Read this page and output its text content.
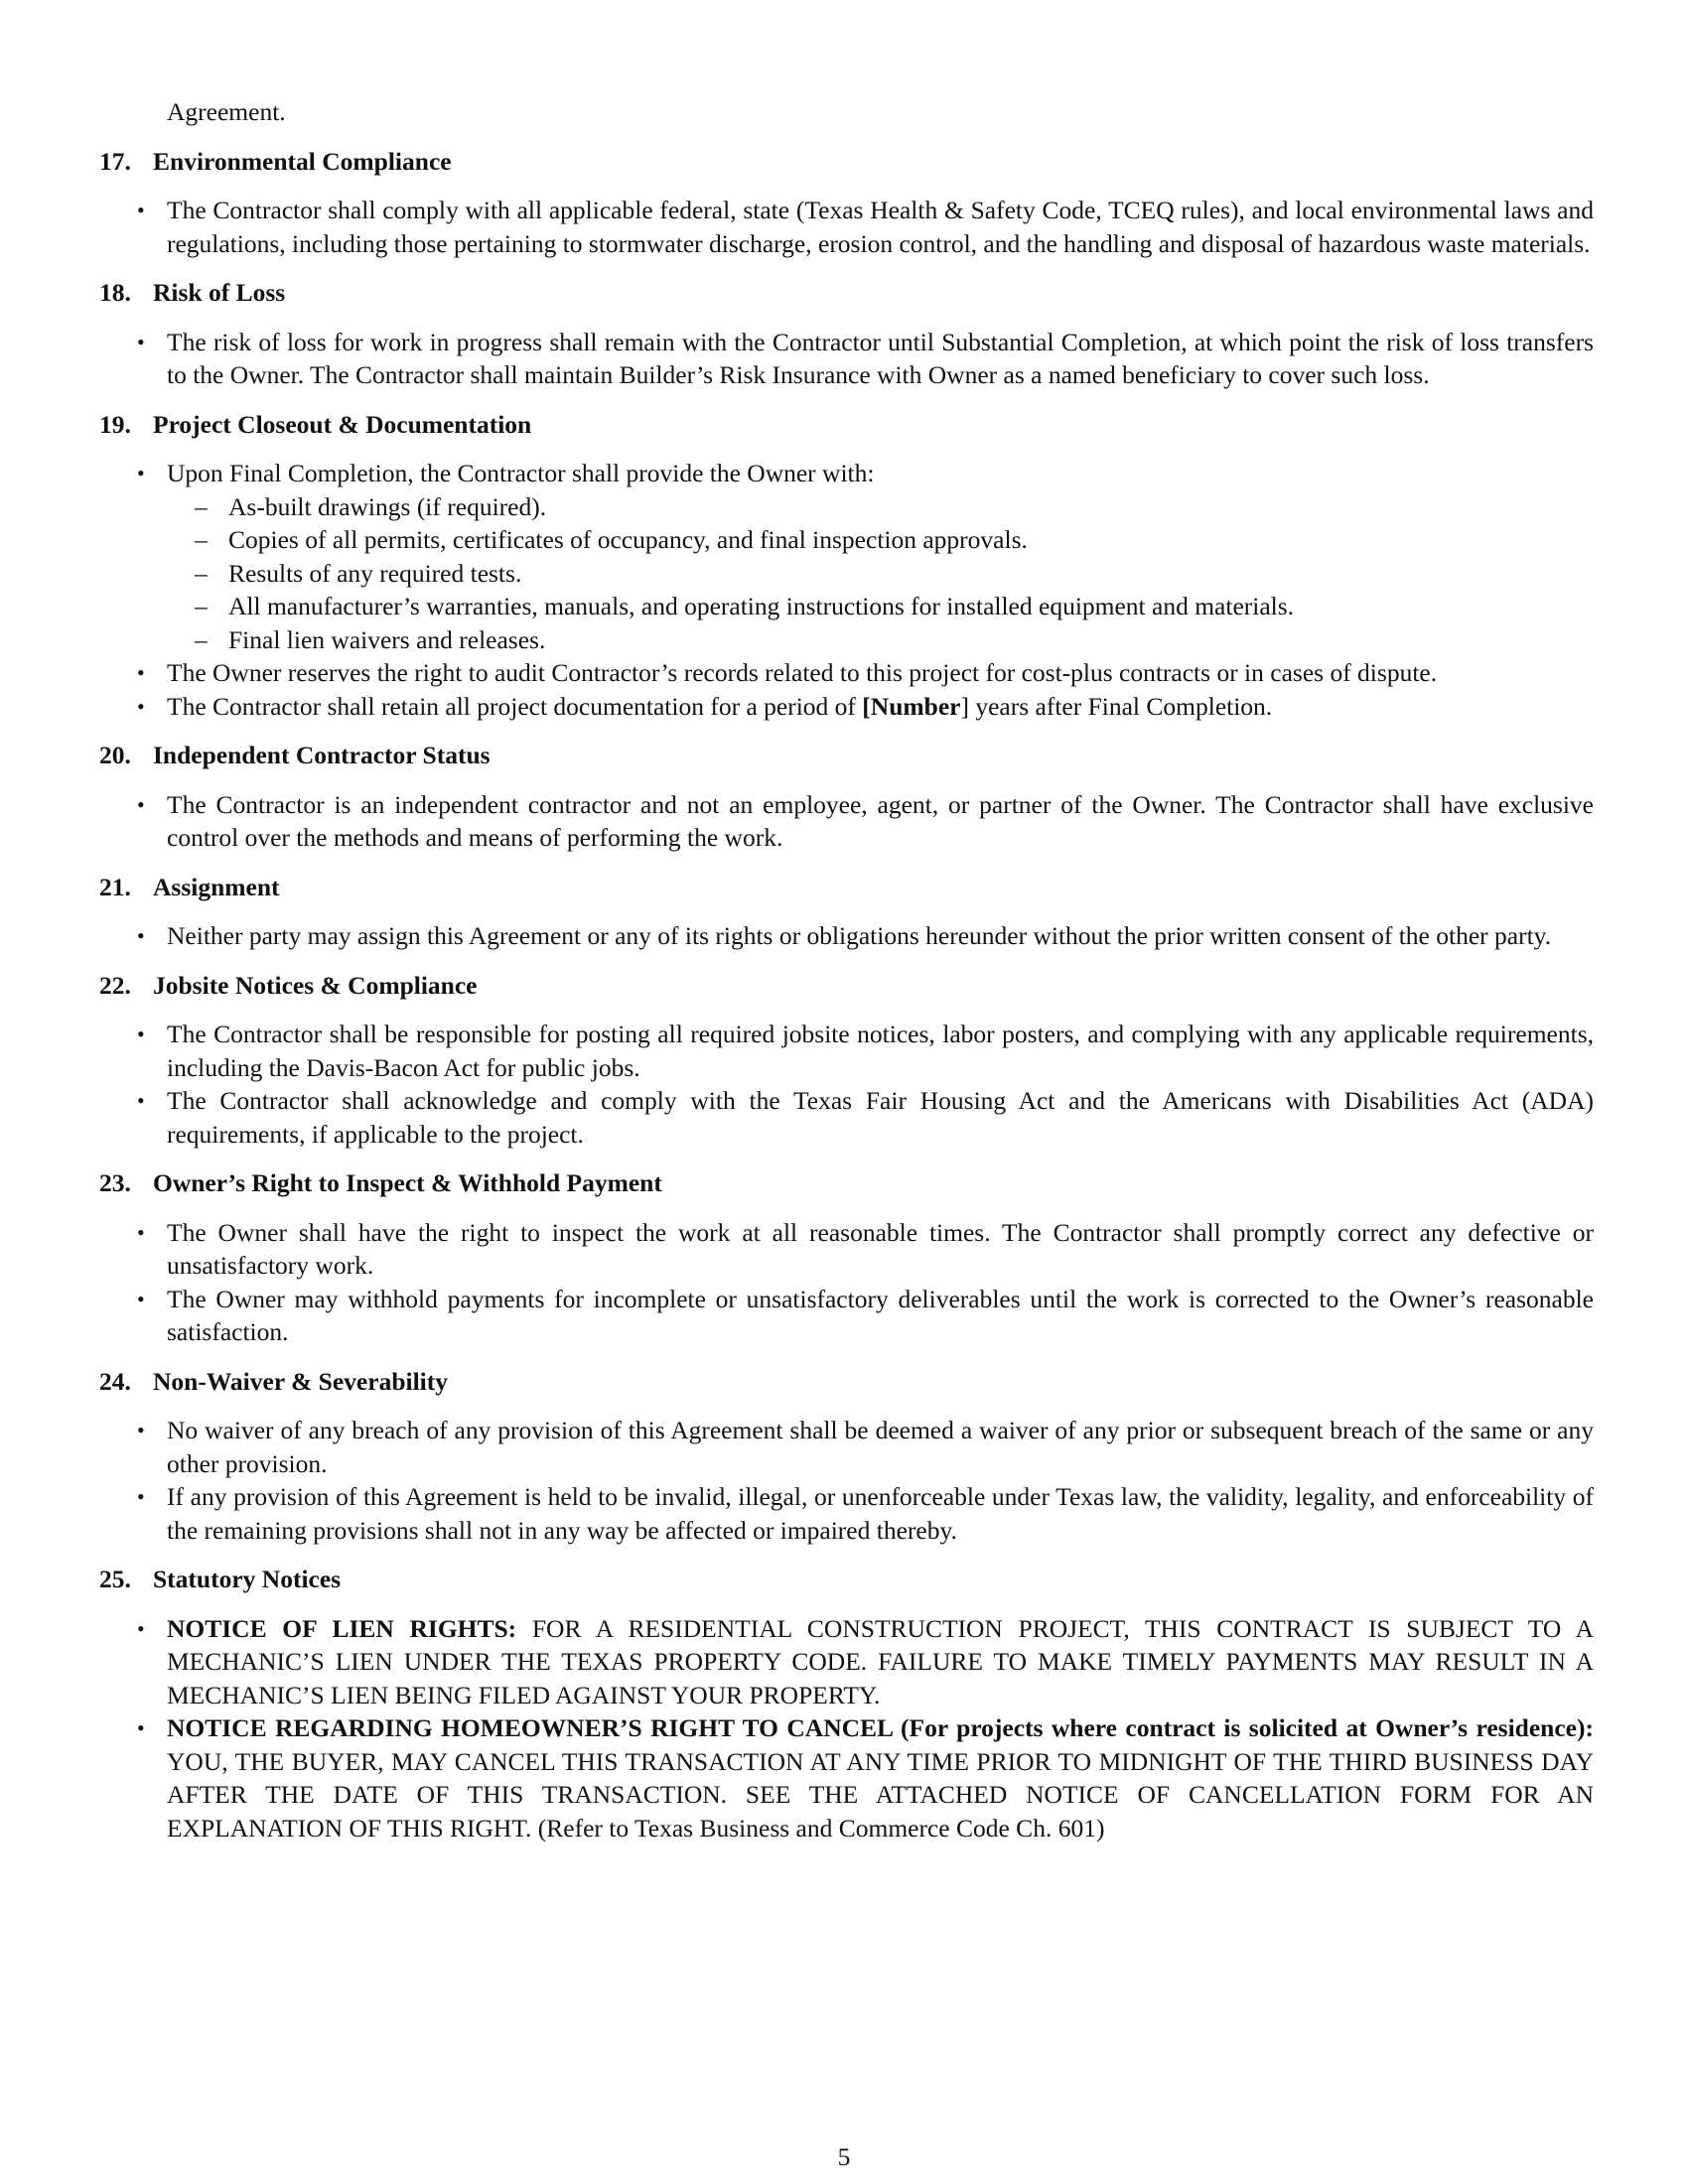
Agreement.
17. Environmental Compliance
• The Contractor shall comply with all applicable federal, state (Texas Health & Safety Code, TCEQ rules), and local environmental laws and regulations, including those pertaining to stormwater discharge, erosion control, and the handling and disposal of hazardous waste materials.
18. Risk of Loss
• The risk of loss for work in progress shall remain with the Contractor until Substantial Completion, at which point the risk of loss transfers to the Owner. The Contractor shall maintain Builder’s Risk Insurance with Owner as a named beneficiary to cover such loss.
19. Project Closeout & Documentation
• Upon Final Completion, the Contractor shall provide the Owner with:
– As-built drawings (if required).
– Copies of all permits, certificates of occupancy, and final inspection approvals.
– Results of any required tests.
– All manufacturer’s warranties, manuals, and operating instructions for installed equipment and materials.
– Final lien waivers and releases.
• The Owner reserves the right to audit Contractor’s records related to this project for cost-plus contracts or in cases of dispute.
• The Contractor shall retain all project documentation for a period of [Number] years after Final Completion.
20. Independent Contractor Status
• The Contractor is an independent contractor and not an employee, agent, or partner of the Owner. The Contractor shall have exclusive control over the methods and means of performing the work.
21. Assignment
• Neither party may assign this Agreement or any of its rights or obligations hereunder without the prior written consent of the other party.
22. Jobsite Notices & Compliance
• The Contractor shall be responsible for posting all required jobsite notices, labor posters, and complying with any applicable requirements, including the Davis-Bacon Act for public jobs.
• The Contractor shall acknowledge and comply with the Texas Fair Housing Act and the Americans with Disabilities Act (ADA) requirements, if applicable to the project.
23. Owner’s Right to Inspect & Withhold Payment
• The Owner shall have the right to inspect the work at all reasonable times. The Contractor shall promptly correct any defective or unsatisfactory work.
• The Owner may withhold payments for incomplete or unsatisfactory deliverables until the work is corrected to the Owner’s reasonable satisfaction.
24. Non-Waiver & Severability
• No waiver of any breach of any provision of this Agreement shall be deemed a waiver of any prior or subsequent breach of the same or any other provision.
• If any provision of this Agreement is held to be invalid, illegal, or unenforceable under Texas law, the validity, legality, and enforceability of the remaining provisions shall not in any way be affected or impaired thereby.
25. Statutory Notices
• NOTICE OF LIEN RIGHTS: FOR A RESIDENTIAL CONSTRUCTION PROJECT, THIS CONTRACT IS SUBJECT TO A MECHANIC’S LIEN UNDER THE TEXAS PROPERTY CODE. FAILURE TO MAKE TIMELY PAYMENTS MAY RESULT IN A MECHANIC’S LIEN BEING FILED AGAINST YOUR PROPERTY.
• NOTICE REGARDING HOMEOWNER’S RIGHT TO CANCEL (For projects where contract is solicited at Owner’s residence): YOU, THE BUYER, MAY CANCEL THIS TRANSACTION AT ANY TIME PRIOR TO MIDNIGHT OF THE THIRD BUSINESS DAY AFTER THE DATE OF THIS TRANSACTION. SEE THE ATTACHED NOTICE OF CANCELLATION FORM FOR AN EXPLANATION OF THIS RIGHT. (Refer to Texas Business and Commerce Code Ch. 601)
5
